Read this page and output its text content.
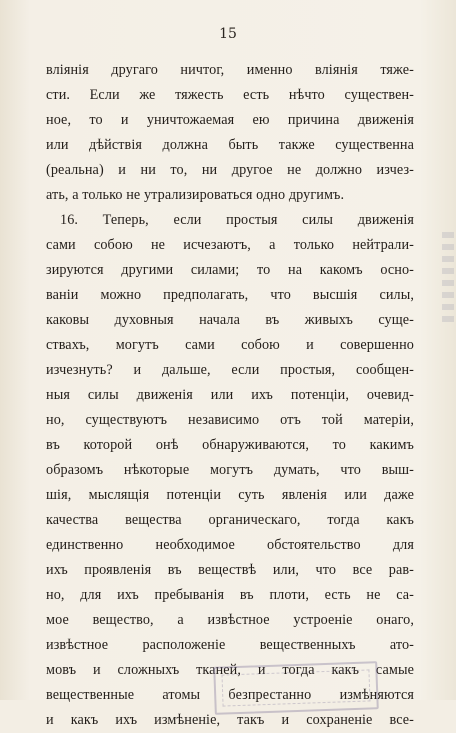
15
вліянія другаго ничтог, именно вліянія тяже-
сти. Если же тяжесть есть нѣчто существен-
ное, то и уничтожаемая ею причина движенія
или дѣйствія должна быть также существенна
(реальна) и ни то, ни другое не должно изчез-
ать, а только не утрализироваться одно другимъ.
16. Теперь, если простыя силы движенія
сами собою не исчезаютъ, а только нейтрали-
зируются другими силами; то на какомъ осно-
ваніи можно предполагать, что высшія силы,
каковы духовныя начала въ живыхъ суще-
ствахъ, могутъ сами собою и совершенно
изчезнуть? и дальше, если простыя, сообщен-
ныя силы движенія или ихъ потенціи, очевид-
но, существуютъ независимо отъ той матеріи,
въ которой онѣ обнаруживаются, то какимъ
образомъ нѣкоторые могутъ думать, что выш-
шія, мыслящія потенціи суть явленія или даже
качества вещества органическаго, тогда какъ
единственно необходимое обстоятельство для
ихъ проявленія въ веществѣ или, что все рав-
но, для ихъ пребыванія въ плоти, есть не са-
мое вещество, а извѣстное устроеніе онаго,
извѣстное расположеніе вещественныхъ ато-
мовъ и сложныхъ тканей, и тогда какъ самые
вещественные атомы безпрестанно измѣняются
и какъ ихъ измѣненіе, такъ и сохраненіе все-
